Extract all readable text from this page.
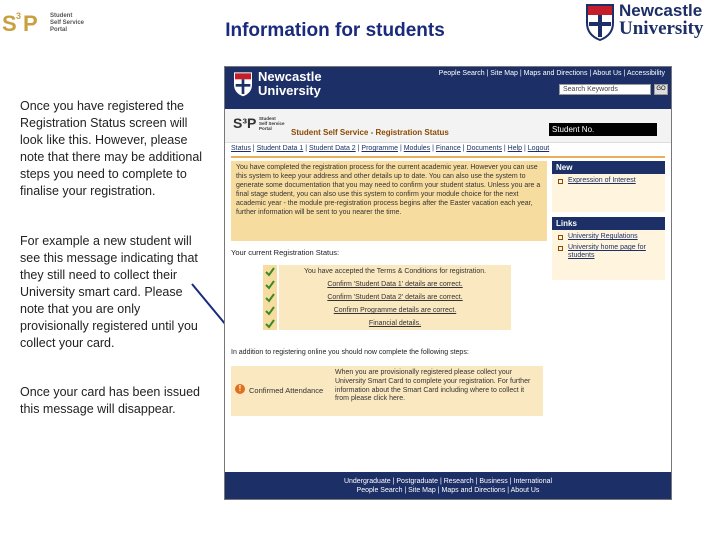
S 3 P Student
Self Service
Portal	Information for students
Newcastle
University
Once you have registered the Registration Status screen will look like this. However, please note that there may be additional steps you need to complete to finalise your registration.
For example a new student will see this message indicating that they still need to collect their University smart card. Please note that you are only provisionally registered until you collect your card.
Once your card has been issued this message will disappear.
Newcastle
University
People Search | Site Map | Maps and Directions | About Us | Accessibility
Search Keywords	GO
S³P Student
Self Service
Portal	Student Self Service - Registration Status	Student No.
Status | Student Data 1 | Student Data 2 | Programme | Modules | Finance | Documents | Help | Logout
You have completed the registration process for the current academic year. However you can use this system to keep your address and other details up to date. You can also use the system to generate some documentation that you may need to confirm your student status. Unless you are a final stage student, you can also use this system to confirm your module choice for the next academic year - the module pre-registration process begins after the Easter vacation each year, further information will be sent to you nearer the time.
New
Expression of Interest
Links
University Regulations
University home page for students
Your current Registration Status:
You have accepted the Terms & Conditions for registration.
Confirm 'Student Data 1' details are correct.
Confirm 'Student Data 2' details are correct.
Confirm Programme details are correct.
Financial details.
In addition to registering online you should now complete the following steps:
!	Confirmed Attendance
When you are provisionally registered please collect your University Smart Card to complete your registration. For further information about the Smart Card including where to collect it from please click here.
Undergraduate | Postgraduate | Research | Business | International
People Search | Site Map | Maps and Directions | About Us
